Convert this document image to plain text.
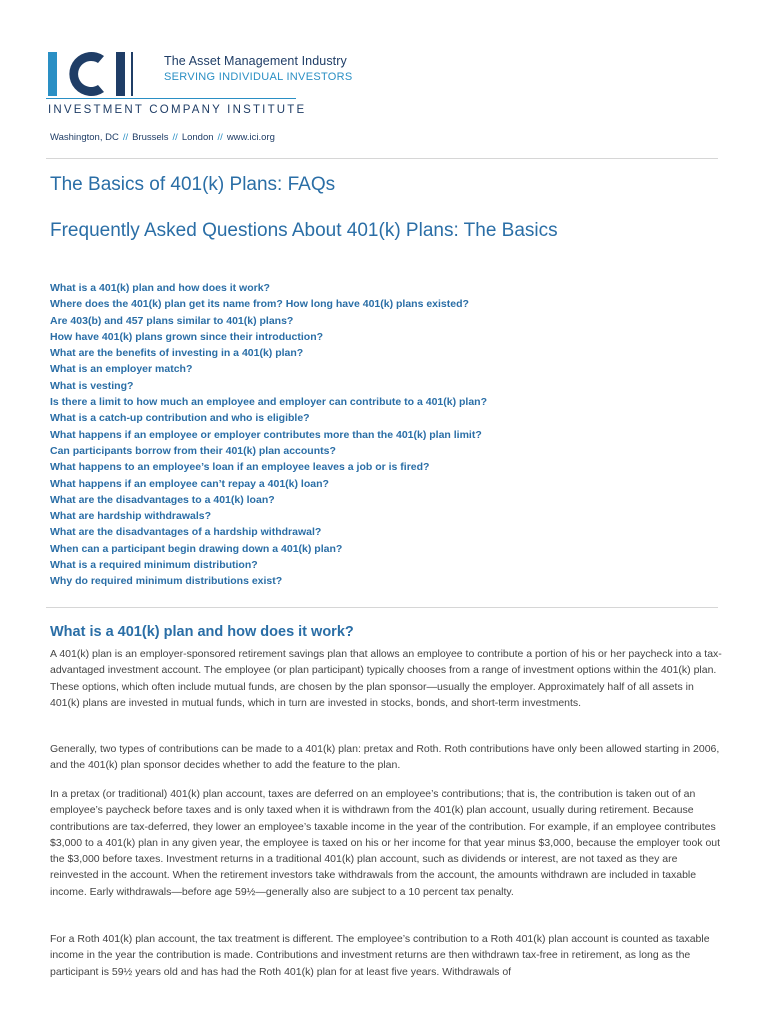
The Asset Management Industry
SERVING INDIVIDUAL INVESTORS
INVESTMENT COMPANY INSTITUTE
Washington, DC // Brussels // London // www.ici.org
The Basics of 401(k) Plans: FAQs
Frequently Asked Questions About 401(k) Plans: The Basics
What is a 401(k) plan and how does it work?
Where does the 401(k) plan get its name from? How long have 401(k) plans existed?
Are 403(b) and 457 plans similar to 401(k) plans?
How have 401(k) plans grown since their introduction?
What are the benefits of investing in a 401(k) plan?
What is an employer match?
What is vesting?
Is there a limit to how much an employee and employer can contribute to a 401(k) plan?
What is a catch-up contribution and who is eligible?
What happens if an employee or employer contributes more than the 401(k) plan limit?
Can participants borrow from their 401(k) plan accounts?
What happens to an employee’s loan if an employee leaves a job or is fired?
What happens if an employee can’t repay a 401(k) loan?
What are the disadvantages to a 401(k) loan?
What are hardship withdrawals?
What are the disadvantages of a hardship withdrawal?
When can a participant begin drawing down a 401(k) plan?
What is a required minimum distribution?
Why do required minimum distributions exist?
What is a 401(k) plan and how does it work?

A 401(k) plan is an employer-sponsored retirement savings plan that allows an employee to contribute a portion of his or her paycheck into a tax-advantaged investment account. The employee (or plan participant) typically chooses from a range of investment options within the 401(k) plan. These options, which often include mutual funds, are chosen by the plan sponsor—usually the employer. Approximately half of all assets in 401(k) plans are invested in mutual funds, which in turn are invested in stocks, bonds, and short-term investments.

Generally, two types of contributions can be made to a 401(k) plan: pretax and Roth. Roth contributions have only been allowed starting in 2006, and the 401(k) plan sponsor decides whether to add the feature to the plan.

In a pretax (or traditional) 401(k) plan account, taxes are deferred on an employee’s contributions; that is, the contribution is taken out of an employee’s paycheck before taxes and is only taxed when it is withdrawn from the 401(k) plan account, usually during retirement. Because contributions are tax-deferred, they lower an employee’s taxable income in the year of the contribution. For example, if an employee contributes $3,000 to a 401(k) plan in any given year, the employee is taxed on his or her income for that year minus $3,000, because the employer took out the $3,000 before taxes. Investment returns in a traditional 401(k) plan account, such as dividends or interest, are not taxed as they are reinvested in the account. When the retirement investors take withdrawals from the account, the amounts withdrawn are included in taxable income. Early withdrawals—before age 59½—generally also are subject to a 10 percent tax penalty.

For a Roth 401(k) plan account, the tax treatment is different. The employee’s contribution to a Roth 401(k) plan account is counted as taxable income in the year the contribution is made. Contributions and investment returns are then withdrawn tax-free in retirement, as long as the participant is 59½ years old and has had the Roth 401(k) plan for at least five years. Withdrawals of
